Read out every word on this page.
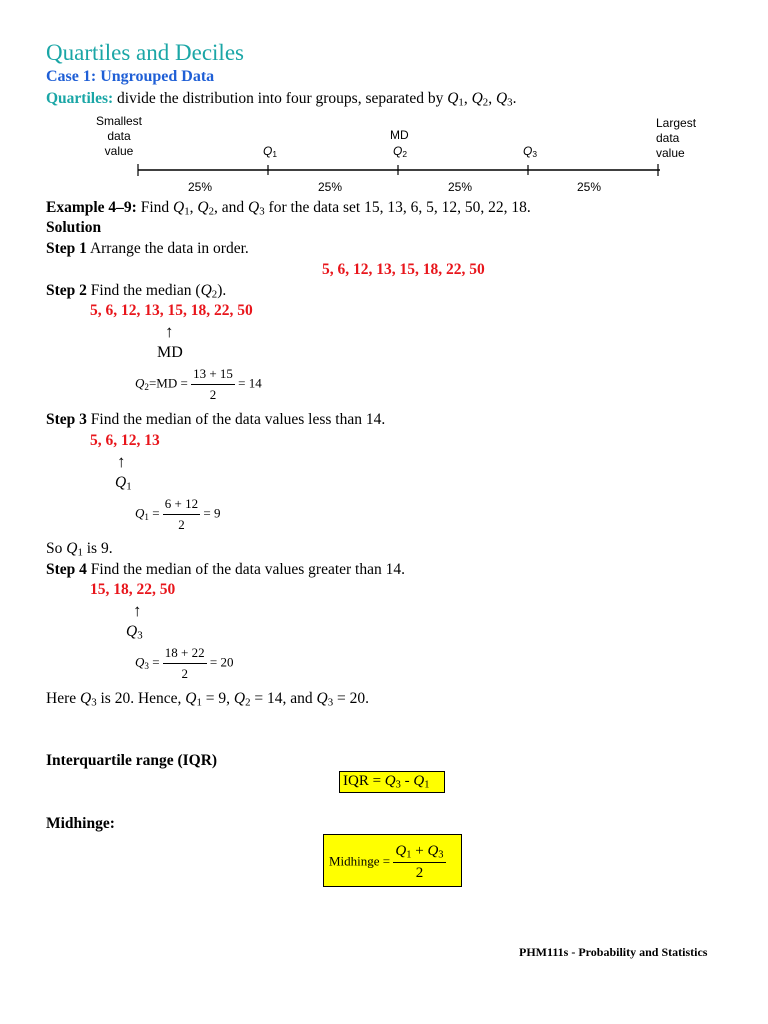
Quartiles and Deciles
Case 1: Ungrouped Data
Quartiles: divide the distribution into four groups, separated by $Q_1$, $Q_2$, $Q_3$.
Smallest
data
value
Largest
data
value
$Q_1$
MD
$Q_2$	$Q_3$
25%	25%	25%	25%
Example 4–9: Find $Q_1$, $Q_2$, and $Q_3$ for the data set 15, 13, 6, 5, 12, 50, 22, 18.
Solution
Step 1 Arrange the data in order.
5, 6, 12, 13, 15, 18, 22, 50
Step 2 Find the median $(Q_2)$.
5, 6, 12, 13, 15, 18, 22, 50
↑
MD
$Q_2=MD = \frac{13 + 15}{2} = 14$
Step 3 Find the median of the data values less than 14.
5, 6, 12, 13
↑
$Q_1$
$Q_1 = \frac{6 + 12}{2} = 9$
So $Q_1$ is 9.
Step 4 Find the median of the data values greater than 14.
15, 18, 22, 50
↑
$Q_3$
$Q_3 = \frac{18 + 22}{2} = 20$
Here $Q_3$ is 20. Hence, $Q_1 = 9$, $Q_2 = 14$, and $Q_3 = 20$.
Interquartile range (IQR)
IQR = $Q_3 - Q_1$
Midhinge:
Midhinge = $\frac{Q_1 + Q_3}{2}$
PHM111s - Probability and Statistics
